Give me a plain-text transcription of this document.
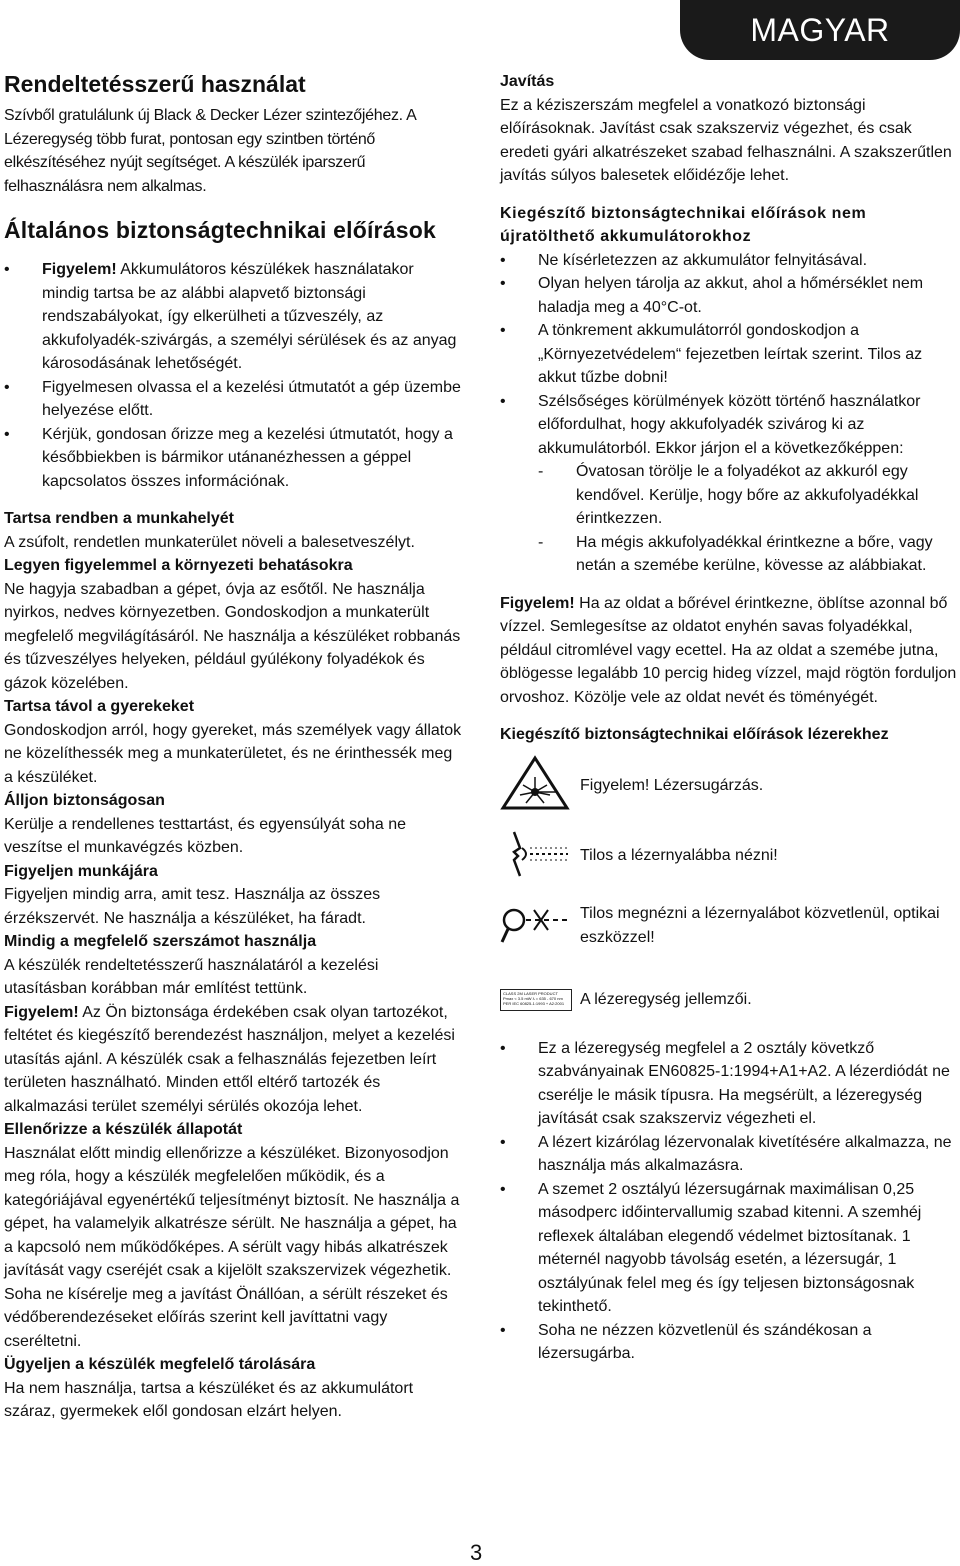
MAGYAR
Rendeltetésszerű használat

Szívből gratulálunk új Black & Decker Lézer szintezőjéhez. A Lézeregység több furat, pontosan egy szintben történő elkészítéséhez nyújt segítséget. A készülék iparszerű felhasználásra nem alkalmas.

Általános biztonságtechnikai előírások
• Figyelem! Akkumulátoros készülékek használatakor mindig tartsa be az alábbi alapvető biztonsági rendszabályokat, így elkerülheti a tűzveszély, az akkufolyadék-szivárgás, a személyi sérülések és az anyag károsodásának lehetőségét.
• Figyelmesen olvassa el a kezelési útmutatót a gép üzembe helyezése előtt.
• Kérjük, gondosan őrizze meg a kezelési útmutatót, hogy a későbbiekben is bármikor utánanézhessen a géppel kapcsolatos összes információnak.
Tartsa rendben a munkahelyét

A zsúfolt, rendetlen munkaterület növeli a balesetveszélyt.

Legyen figyelemmel a környezeti behatásokra

Ne hagyja szabadban a gépet, óvja az esőtől. Ne használja nyirkos, nedves környezetben. Gondoskodjon a munkaterült megfelelő megvilágításáról. Ne használja a készüléket robbanás és tűzveszélyes helyeken, például gyúlékony folyadékok és gázok közelében.

Tartsa távol a gyerekeket

Gondoskodjon arról, hogy gyereket, más személyek vagy állatok ne közelíthessék meg a munkaterületet, és ne érinthessék meg a készüléket.

Álljon biztonságosan

Kerülje a rendellenes testtartást, és egyensúlyát soha ne veszítse el munkavégzés közben.

Figyeljen munkájára

Figyeljen mindig arra, amit tesz. Használja az összes érzékszervét. Ne használja a készüléket, ha fáradt.

Mindig a megfelelő szerszámot használja

A készülék rendeltetésszerű használatáról a kezelési utasításban korábban már említést tettünk.

Figyelem! Az Ön biztonsága érdekében csak olyan tartozékot, feltétet és kiegészítő berendezést használjon, melyet a kezelési utasítás ajánl. A készülék csak a felhasználás fejezetben leírt területen használható. Minden ettől eltérő tartozék és alkalmazási terület személyi sérülés okozója lehet.

Ellenőrizze a készülék állapotát

Használat előtt mindig ellenőrizze a készüléket. Bizonyosodjon meg róla, hogy a készülék megfelelően működik, és a kategóriájával egyenértékű teljesítményt biztosít. Ne használja a gépet, ha valamelyik alkatrésze sérült. Ne használja a gépet, ha a kapcsoló nem működőképes. A sérült vagy hibás alkatrészek javítását vagy cseréjét csak a kijelölt szakszervizek végezhetik. Soha ne kísérelje meg a javítást Önállóan, a sérült részeket és védőberendezéseket előírás szerint kell javíttatni vagy cseréltetni.

Ügyeljen a készülék megfelelő tárolására

Ha nem használja, tartsa a készüléket és az akkumulátort száraz, gyermekek elől gondosan elzárt helyen.

Javítás

Ez a kéziszerszám megfelel a vonatkozó biztonsági előírásoknak. Javítást csak szakszerviz végezhet, és csak eredeti gyári alkatrészeket szabad felhasználni. A szakszerűtlen javítás súlyos balesetek előidézője lehet.

Kiegészítő biztonságtechnikai előírások nem újratölthető akkumulátorokhoz
• Ne kísérletezzen az akkumulátor felnyitásával.
• Olyan helyen tárolja az akkut, ahol a hőmérséklet nem haladja meg a 40°C-ot.
• A tönkrement akkumulátorról gondoskodjon a „Környezetvédelem“ fejezetben leírtak szerint. Tilos az akkut tűzbe dobni!
• Szélsőséges körülmények között történő használatkor előfordulhat, hogy akkufolyadék szivárog ki az akkumulátorból. Ekkor járjon el a következőképpen:
- Óvatosan törölje le a folyadékot az akkuról egy kendővel. Kerülje, hogy bőre az akkufolyadékkal érintkezzen.
- Ha mégis akkufolyadékkal érintkezne a bőre, vagy netán a szemébe kerülne, kövesse az alábbiakat.

Figyelem! Ha az oldat a bőrével érintkezne, öblítse azonnal bő vízzel. Semlegesítse az oldatot enyhén savas folyadékkal, például citromlével vagy ecettel. Ha az oldat a szemébe jutna, öblögesse legalább 10 percig hideg vízzel, majd rögtön forduljon orvoshoz. Közölje vele az oldat nevét és töményégét.

Kiegészítő biztonságtechnikai előírások lézerekhez
Figyelem! Lézersugárzás.
Tilos a lézernyalábba nézni!
Tilos megnézni a lézernyalábot közvetlenül, optikai eszközzel!
CLASS 2M LASER PRODUCT
Pmax < 3.5 mW λ = 635 - 670 nm
PER IEC 60825-1:1993 + A2:2001 A lézeregység jellemzői.
• Ez a lézeregység megfelel a 2 osztály követkző szabványainak EN60825-1:1994+A1+A2. A lézerdiódát ne cserélje le másik típusra. Ha megsérült, a lézeregység javítását csak szakszerviz végezheti el.
• A lézert kizárólag lézervonalak kivetítésére alkalmazza, ne használja más alkalmazásra.
• A szemet 2 osztályú lézersugárnak maximálisan 0,25 másodperc időintervallumig szabad kitenni. A szemhéj reflexek általában elegendő védelmet biztosítanak. 1 méternél nagyobb távolság esetén, a lézersugár, 1 osztályúnak felel meg és így teljesen biztonságosnak tekinthető.
• Soha ne nézzen közvetlenül és szándékosan a lézersugárba.
3
